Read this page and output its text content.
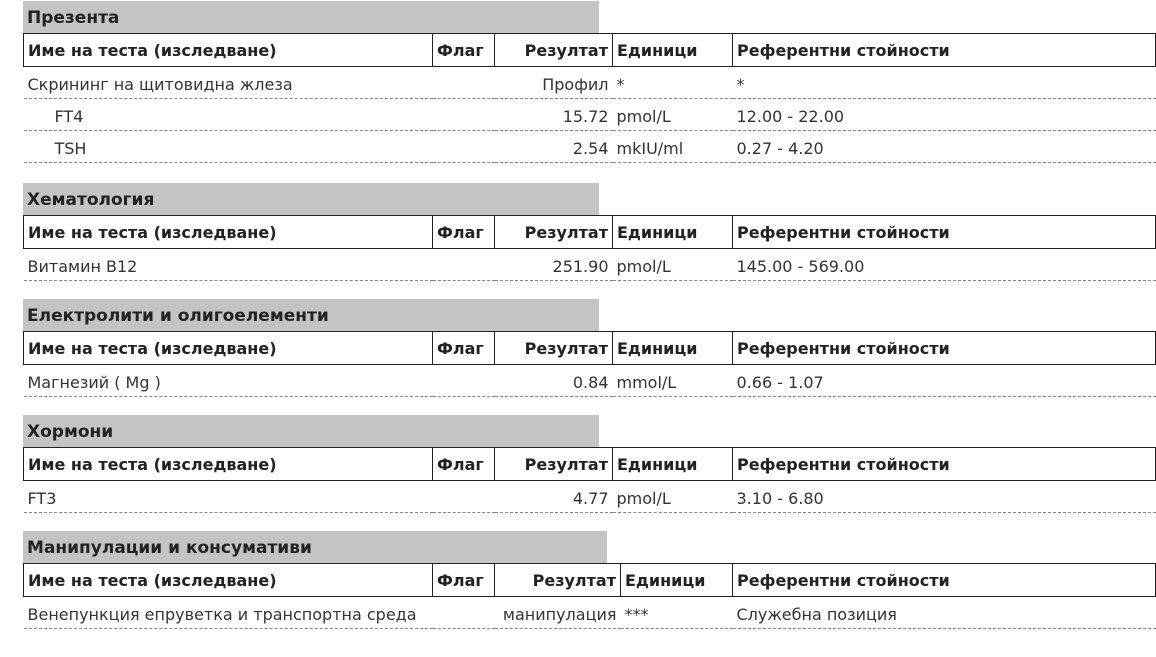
Презента
Име на теста (изследване)	Флаг	Резултат	Единици	Референтни стойности
Скрининг на щитовидна жлеза		Профил	*	*
FT4		15.72	pmol/L	12.00 - 22.00
TSH		2.54	mkIU/ml	0.27 - 4.20
Хематология
Име на теста (изследване)	Флаг	Резултат	Единици	Референтни стойности
Витамин В12		251.90	pmol/L	145.00 - 569.00
Електролити и олигоелементи
Име на теста (изследване)	Флаг	Резултат	Единици	Референтни стойности
Магнезий ( Mg )		0.84	mmol/L	0.66 - 1.07
Хормони
Име на теста (изследване)	Флаг	Резултат	Единици	Референтни стойности
FT3		4.77	pmol/L	3.10 - 6.80
Манипулации и консумативи
Име на теста (изследване)	Флаг	Резултат	Единици	Референтни стойности
Венепункция епруветка и транспортна среда		манипулация	***	Служебна позиция
